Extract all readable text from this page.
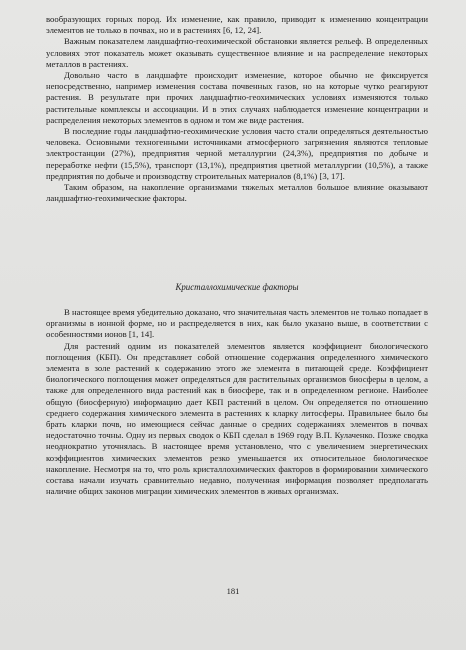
вообразующих горных пород. Их изменение, как правило, приводит к изменению концентрации элементов не только в почвах, но и в растениях [6, 12, 24].

Важным показателем ландшафтно-геохимической обстановки является рельеф. В определенных условиях этот показатель может оказывать существенное влияние и на распределение некоторых металлов в растениях.

Довольно часто в ландшафте происходит изменение, которое обычно не фиксируется непосредственно, например изменения состава почвенных газов, но на которые чутко реагируют растения. В результате при прочих ландшафтно-геохимических условиях изменяются только растительные комплексы и ассоциации. И в этих случаях наблюдается изменение концентрации и распределения некоторых элементов в одном и том же виде растения.

В последние годы ландшафтно-геохимические условия часто стали определяться деятельностью человека. Основными техногенными источниками атмосферного загрязнения являются тепловые электростанции (27%), предприятия черной металлургии (24,3%), предприятия по добыче и переработке нефти (15,5%), транспорт (13,1%), предприятия цветной металлургии (10,5%), а также предприятия по добыче и производству строительных материалов (8,1%) [3, 17].

Таким образом, на накопление организмами тяжелых металлов большое влияние оказывают ландшафтно-геохимические факторы.

Кристаллохимические факторы

В настоящее время убедительно доказано, что значительная часть элементов не только попадает в организмы в ионной форме, но и распределяется в них, как было указано выше, в соответствии с особенностями ионов [1, 14].

Для растений одним из показателей элементов является коэффициент биологического поглощения (КБП). Он представляет собой отношение содержания определенного химического элемента в золе растений к содержанию этого же элемента в питающей среде. Коэффициент биологического поглощения может определяться для растительных организмов биосферы в целом, а также для определенного вида растений как в биосфере, так и в определенном регионе. Наиболее общую (биосферную) информацию дает КБП растений в целом. Он определяется по отношению среднего содержания химического элемента в растениях к кларку литосферы. Правильнее было бы брать кларки почв, но имеющиеся сейчас данные о средних содержаниях элементов в почвах недостаточно точны. Одну из первых сводок о КБП сделал в 1969 году В.П. Кулаченко. Позже сводка неоднократно уточнялась. В настоящее время установлено, что с увеличением энергетических коэффициентов химических элементов резко уменьшается их относительное биологическое накопление. Несмотря на то, что роль кристаллохимических факторов в формировании химического состава начали изучать сравнительно недавно, полученная информация позволяет предполагать наличие общих законов миграции химических элементов в живых организмах.

181
